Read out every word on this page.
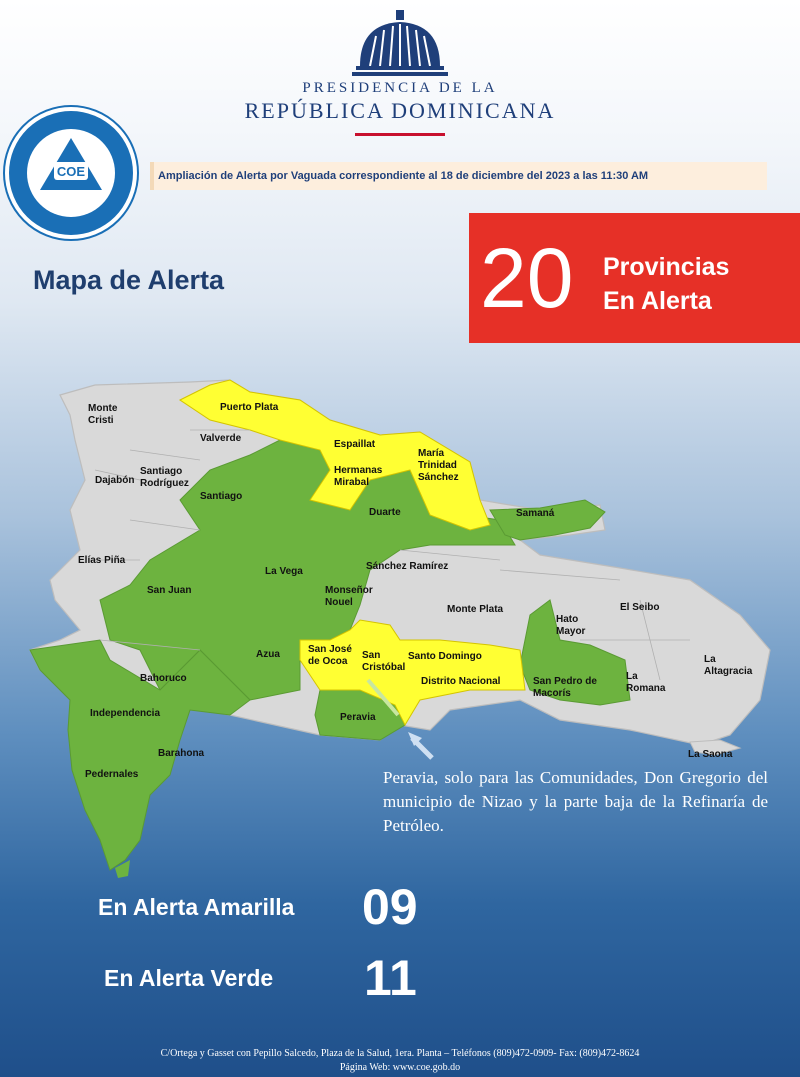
PRESIDENCIA DE LA
REPÚBLICA DOMINICANA
COE	Ampliación de Alerta por Vaguada correspondiente al 18 de diciembre del 2023 a las 11:30 AM
Mapa de Alerta	20 Provincias
En Alerta
Monte
Cristi
Puerto Plata
Valverde
Espaillat
María
Trinidad
Sánchez
Hermanas
Mirabal
Dajabón
Santiago
Rodríguez
Santiago
Duarte	Samaná
Elías Piña
La Vega	Sánchez Ramírez
San Juan	Monseñor
Nouel
Monte Plata
Hato
Mayor
El Seibo
San José
de Ocoa
San
Cristóbal
Santo Domingo
Azua	La
Altagracia
Bahoruco	Distrito Nacional	San Pedro de
Macorís
La
Romana
Independencia	Peravia
Barahona
Pedernales
La Saona
Peravia, solo para las Comunidades, Don Gregorio del municipio de Nizao y la parte baja de la Refinaría de Petróleo.
En Alerta Amarilla 09
En Alerta Verde 11
C/Ortega y Gasset con Pepillo Salcedo, Plaza de la Salud, 1era. Planta – Teléfonos (809)472-0909- Fax: (809)472-8624
Página Web: www.coe.gob.do
